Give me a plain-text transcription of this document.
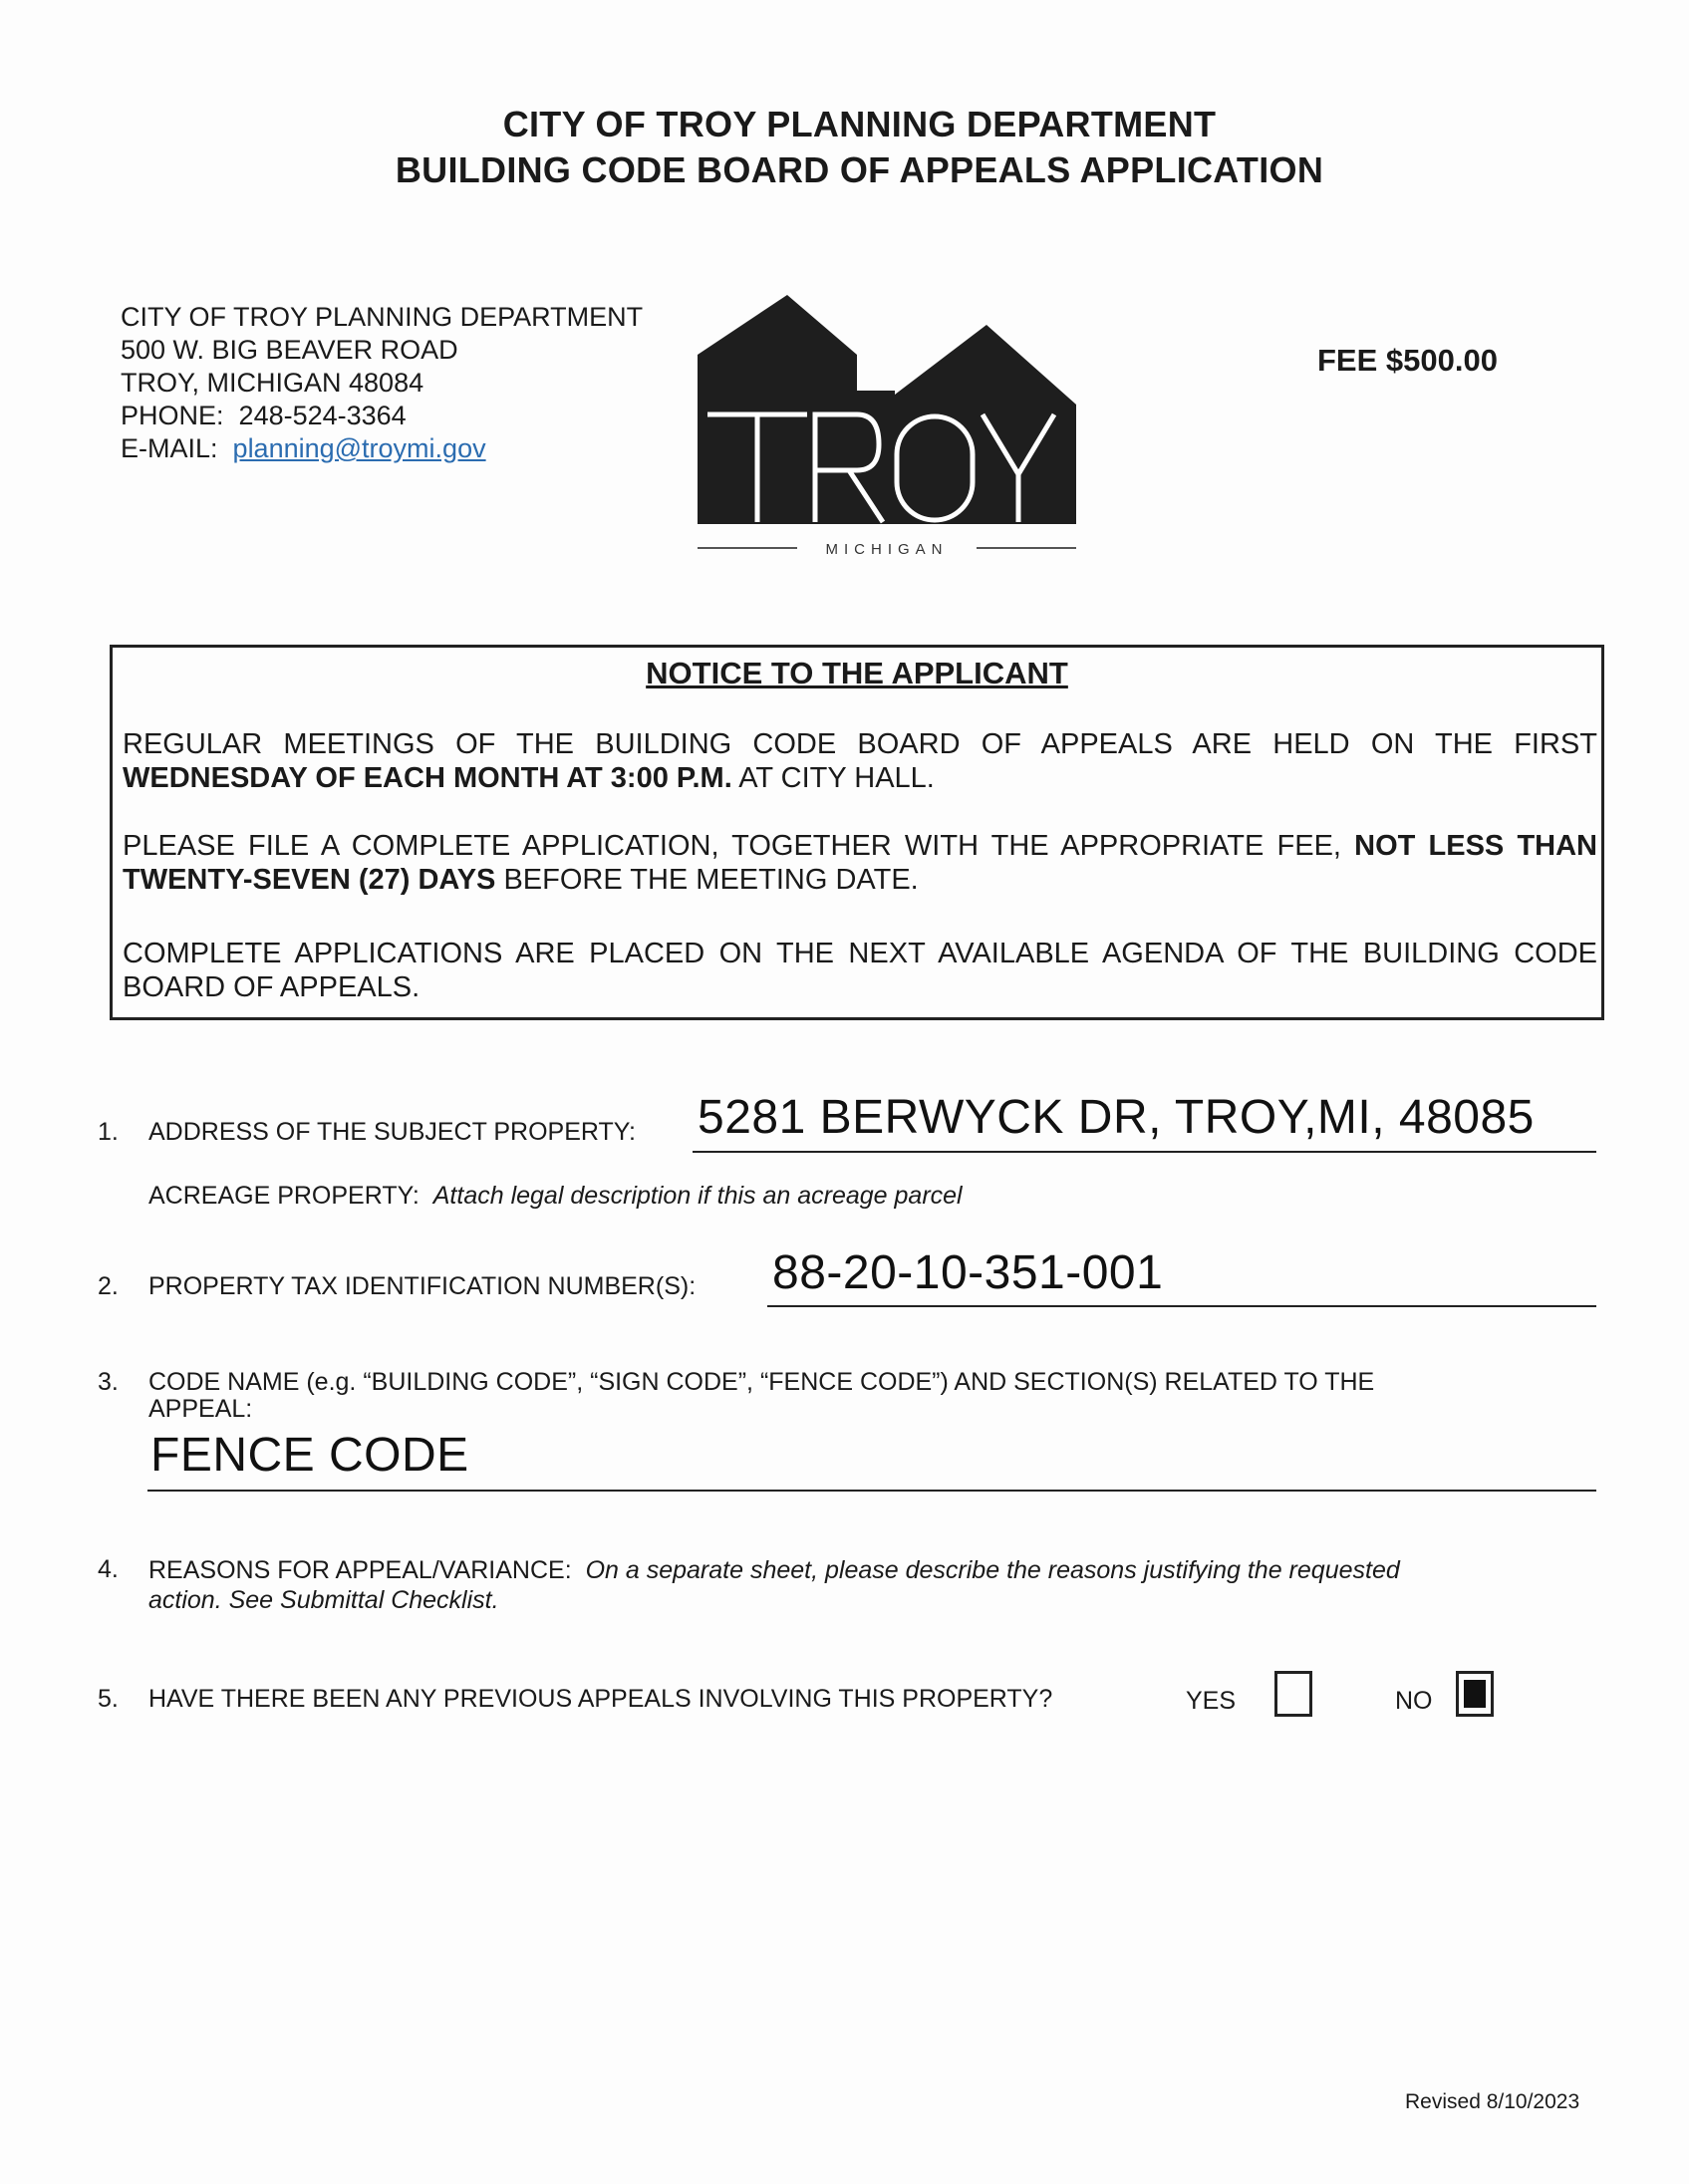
CITY OF TROY PLANNING DEPARTMENT
BUILDING CODE BOARD OF APPEALS APPLICATION
CITY OF TROY PLANNING DEPARTMENT
500 W. BIG BEAVER ROAD
TROY, MICHIGAN 48084
PHONE: 248-524-3364
E-MAIL: planning@troymi.gov
MICHIGAN
FEE $500.00
NOTICE TO THE APPLICANT
REGULAR MEETINGS OF THE BUILDING CODE BOARD OF APPEALS ARE HELD ON THE FIRST WEDNESDAY OF EACH MONTH AT 3:00 P.M. AT CITY HALL.
PLEASE FILE A COMPLETE APPLICATION, TOGETHER WITH THE APPROPRIATE FEE, NOT LESS THAN TWENTY-SEVEN (27) DAYS BEFORE THE MEETING DATE.
COMPLETE APPLICATIONS ARE PLACED ON THE NEXT AVAILABLE AGENDA OF THE BUILDING CODE BOARD OF APPEALS.
1. ADDRESS OF THE SUBJECT PROPERTY: 5281 BERWYCK DR, TROY,MI, 48085
ACREAGE PROPERTY: Attach legal description if this an acreage parcel
2. PROPERTY TAX IDENTIFICATION NUMBER(S): 88-20-10-351-001
3. CODE NAME (e.g. “BUILDING CODE”, “SIGN CODE”, “FENCE CODE”) AND SECTION(S) RELATED TO THE
APPEAL:
FENCE CODE
4. REASONS FOR APPEAL/VARIANCE: On a separate sheet, please describe the reasons justifying the requested
action. See Submittal Checklist.
5. HAVE THERE BEEN ANY PREVIOUS APPEALS INVOLVING THIS PROPERTY?	YES	NO
Revised 8/10/2023
